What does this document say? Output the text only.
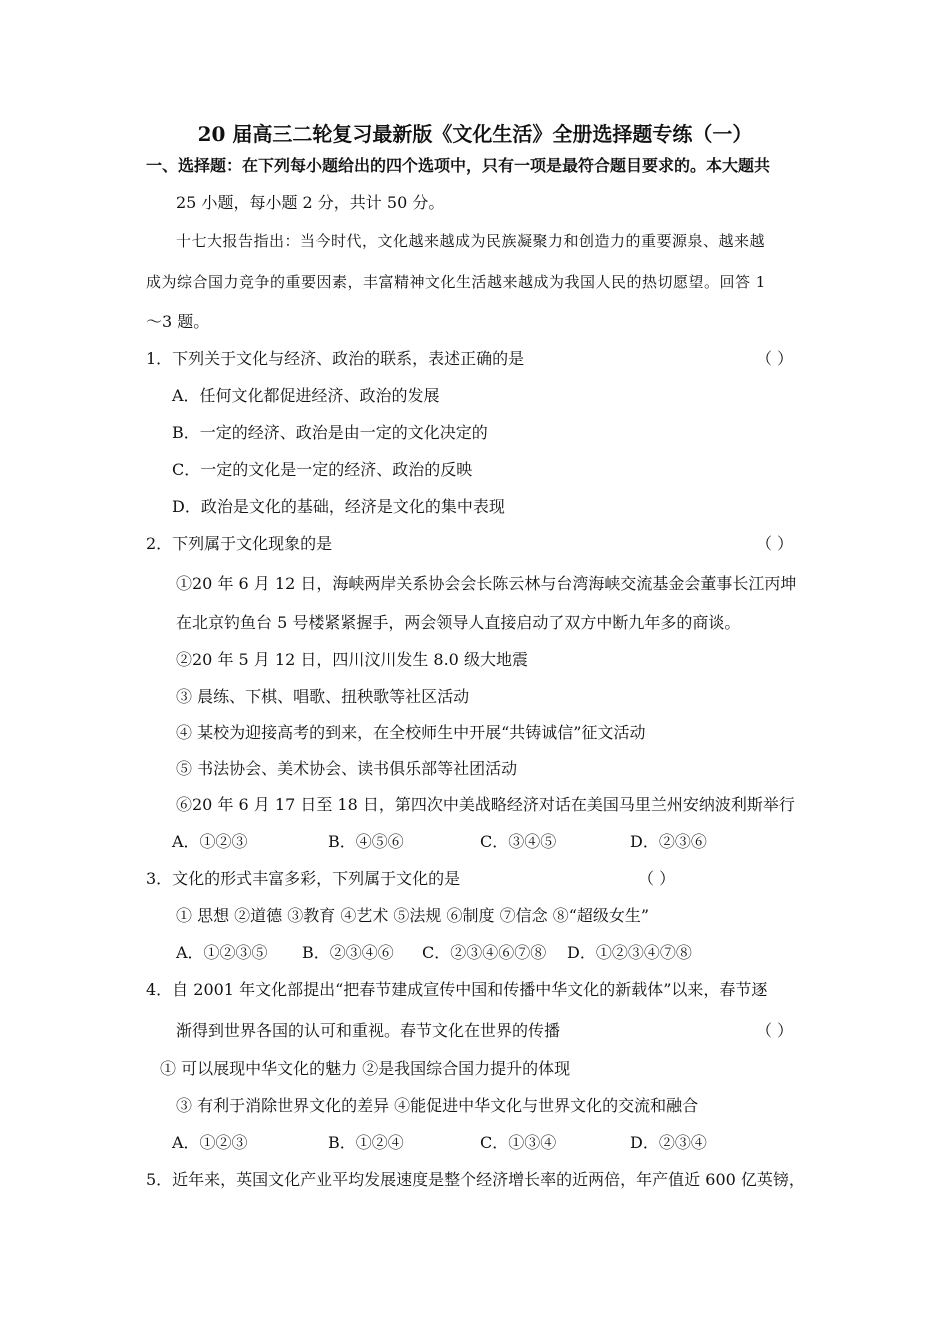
20 届高三二轮复习最新版《文化生活》全册选择题专练（一）
一、选择题：在下列每小题给出的四个选项中，只有一项是最符合题目要求的。本大题共
25 小题，每小题 2 分，共计 50 分。
十七大报告指出：当今时代，文化越来越成为民族凝聚力和创造力的重要源泉、越来越
成为综合国力竞争的重要因素，丰富精神文化生活越来越成为我国人民的热切愿望。回答 1
～3 题。
1．下列关于文化与经济、政治的联系，表述正确的是	（ ）
A．任何文化都促进经济、政治的发展
B．一定的经济、政治是由一定的文化决定的
C．一定的文化是一定的经济、政治的反映
D．政治是文化的基础，经济是文化的集中表现
2．下列属于文化现象的是	（ ）
①20 年 6 月 12 日，海峡两岸关系协会会长陈云林与台湾海峡交流基金会董事长江丙坤
在北京钓鱼台 5 号楼紧紧握手，两会领导人直接启动了双方中断九年多的商谈。
②20 年 5 月 12 日，四川汶川发生 8.0 级大地震
③ 晨练、下棋、唱歌、扭秧歌等社区活动
④ 某校为迎接高考的到来，在全校师生中开展“共铸诚信”征文活动
⑤ 书法协会、美术协会、读书俱乐部等社团活动
⑥20 年 6 月 17 日至 18 日，第四次中美战略经济对话在美国马里兰州安纳波利斯举行
A．①②③	B．④⑤⑥	C．③④⑤	D．②③⑥
3．文化的形式丰富多彩，下列属于文化的是	（ ）
① 思想 ②道德 ③教育 ④艺术 ⑤法规 ⑥制度 ⑦信念 ⑧“超级女生”
A．①②③⑤ B．②③④⑥ C．②③④⑥⑦⑧ D．①②③④⑦⑧
4．自 2001 年文化部提出“把春节建成宣传中国和传播中华文化的新载体”以来，春节逐
渐得到世界各国的认可和重视。春节文化在世界的传播	（ ）
① 可以展现中华文化的魅力 ②是我国综合国力提升的体现
③ 有利于消除世界文化的差异 ④能促进中华文化与世界文化的交流和融合
A．①②③	B．①②④	C．①③④	D．②③④
5．近年来，英国文化产业平均发展速度是整个经济增长率的近两倍，年产值近 600 亿英镑，
